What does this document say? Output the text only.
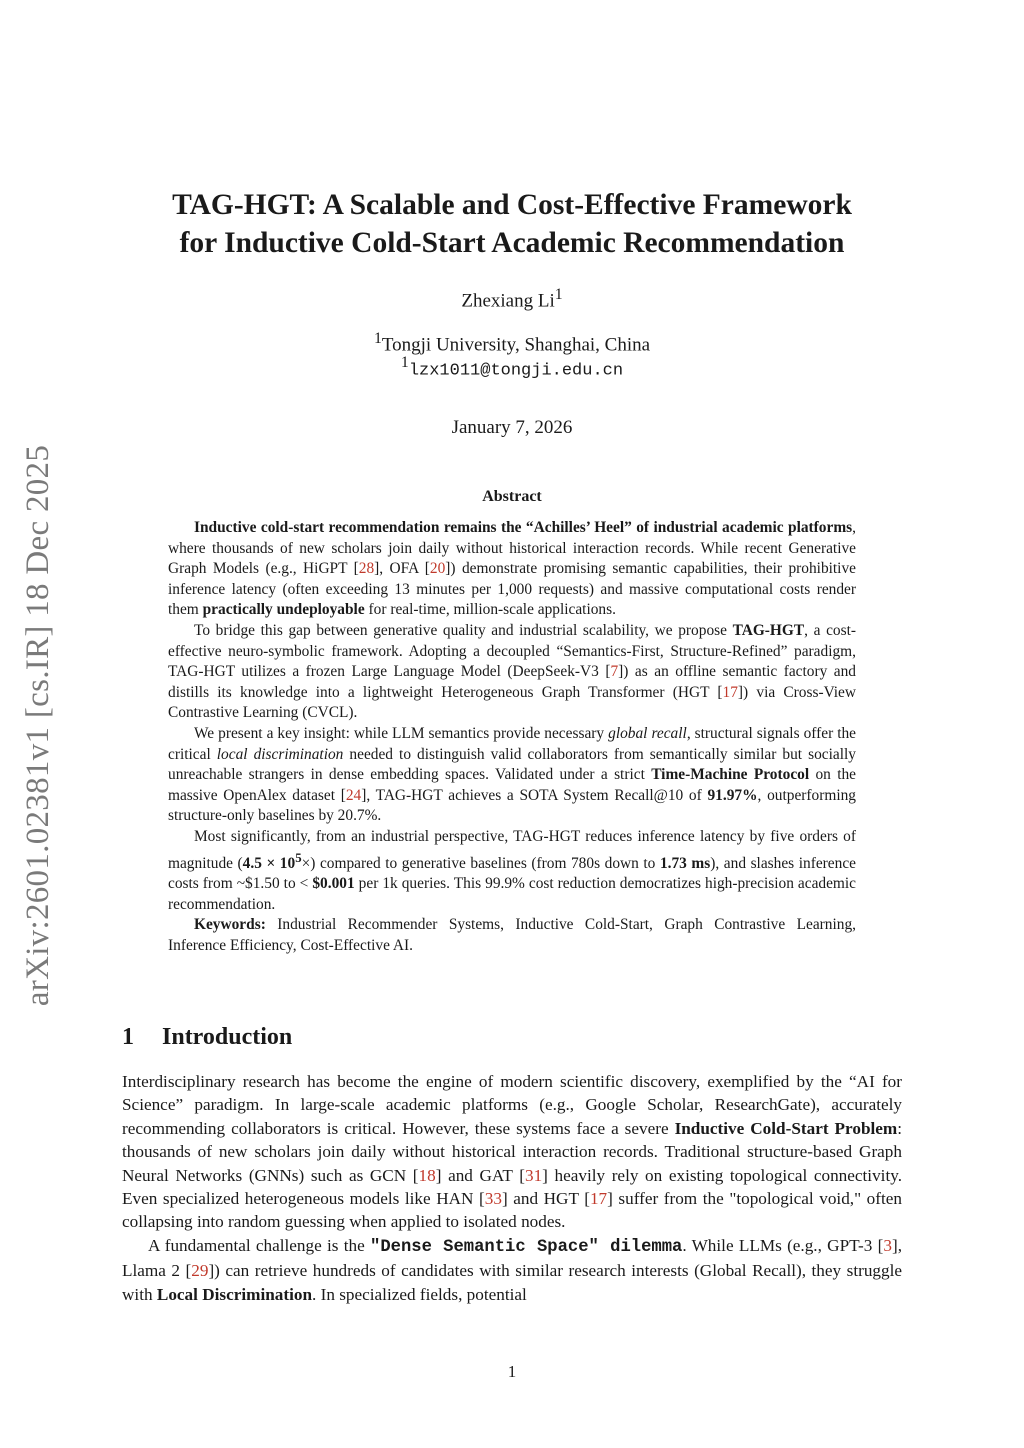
arXiv:2601.02381v1 [cs.IR] 18 Dec 2025
TAG-HGT: A Scalable and Cost-Effective Framework
for Inductive Cold-Start Academic Recommendation
Zhexiang Li$^1$
$^1$Tongji University, Shanghai, China
$^1$lzx1011@tongji.edu.cn
January 7, 2026
Abstract

Inductive cold-start recommendation remains the “Achilles’ Heel” of industrial academic platforms, where thousands of new scholars join daily without historical interaction records. While recent Generative Graph Models (e.g., HiGPT [28], OFA [20]) demonstrate promising semantic capabilities, their prohibitive inference latency (often exceeding 13 minutes per 1,000 requests) and massive computational costs render them practically undeployable for real-time, million-scale applications.

To bridge this gap between generative quality and industrial scalability, we propose TAG-HGT, a cost-effective neuro-symbolic framework. Adopting a decoupled “Semantics-First, Structure-Refined” paradigm, TAG-HGT utilizes a frozen Large Language Model (DeepSeek-V3 [7]) as an offline semantic factory and distills its knowledge into a lightweight Heterogeneous Graph Transformer (HGT [17]) via Cross-View Contrastive Learning (CVCL).

We present a key insight: while LLM semantics provide necessary global recall, structural signals offer the critical local discrimination needed to distinguish valid collaborators from semantically similar but socially unreachable strangers in dense embedding spaces. Validated under a strict Time-Machine Protocol on the massive OpenAlex dataset [24], TAG-HGT achieves a SOTA System Recall@10 of 91.97%, outperforming structure-only baselines by 20.7%.

Most significantly, from an industrial perspective, TAG-HGT reduces inference latency by five orders of magnitude $(4.5 \times 10^5\times)$ compared to generative baselines (from 780s down to 1.73 ms), and slashes inference costs from ~$1.50 to < $0.001 per 1k queries. This 99.9% cost reduction democratizes high-precision academic recommendation.

Keywords: Industrial Recommender Systems, Inductive Cold-Start, Graph Contrastive Learning, Inference Efficiency, Cost-Effective AI.

1 Introduction

Interdisciplinary research has become the engine of modern scientific discovery, exemplified by the “AI for Science” paradigm. In large-scale academic platforms (e.g., Google Scholar, ResearchGate), accurately recommending collaborators is critical. However, these systems face a severe Inductive Cold-Start Problem: thousands of new scholars join daily without historical interaction records. Traditional structure-based Graph Neural Networks (GNNs) such as GCN [18] and GAT [31] heavily rely on existing topological connectivity. Even specialized heterogeneous models like HAN [33] and HGT [17] suffer from the "topological void," often collapsing into random guessing when applied to isolated nodes.

A fundamental challenge is the "Dense Semantic Space" dilemma. While LLMs (e.g., GPT-3 [3], Llama 2 [29]) can retrieve hundreds of candidates with similar research interests (Global Recall), they struggle with Local Discrimination. In specialized fields, potential

1
